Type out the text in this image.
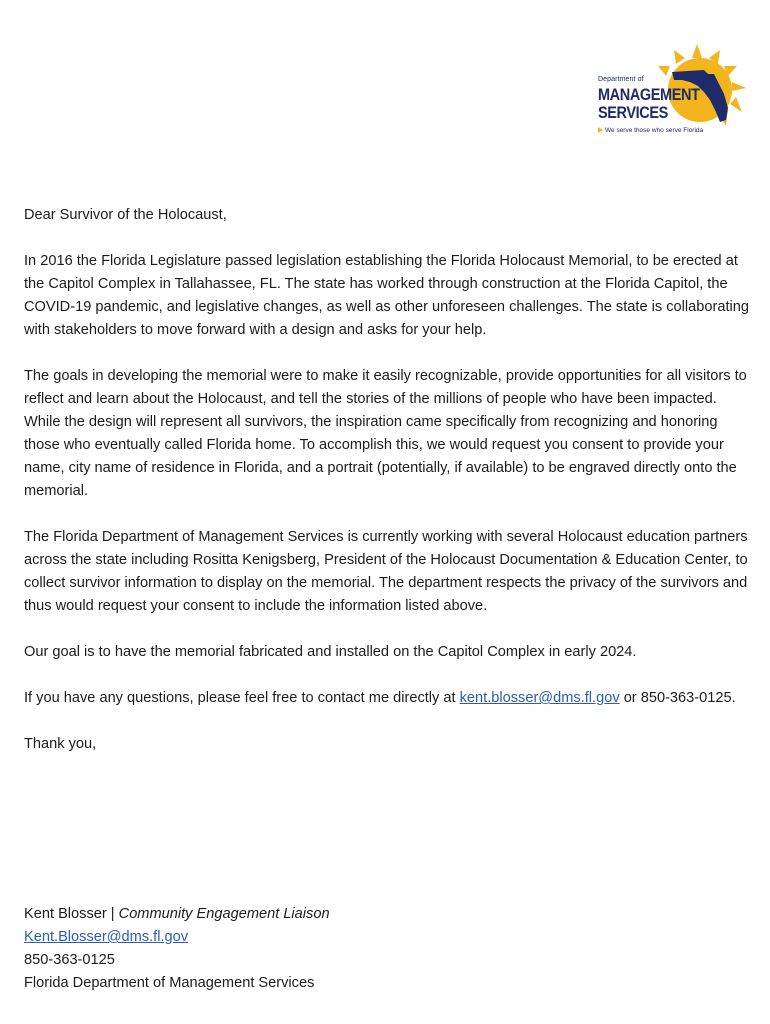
Department of
MANAGEMENT
SERVICES
We serve those who serve Florida

Dear Survivor of the Holocaust,

In 2016 the Florida Legislature passed legislation establishing the Florida Holocaust Memorial, to be erected at the Capitol Complex in Tallahassee, FL. The state has worked through construction at the Florida Capitol, the COVID-19 pandemic, and legislative changes, as well as other unforeseen challenges. The state is collaborating with stakeholders to move forward with a design and asks for your help.

The goals in developing the memorial were to make it easily recognizable, provide opportunities for all visitors to reflect and learn about the Holocaust, and tell the stories of the millions of people who have been impacted. While the design will represent all survivors, the inspiration came specifically from recognizing and honoring those who eventually called Florida home. To accomplish this, we would request you consent to provide your name, city name of residence in Florida, and a portrait (potentially, if available) to be engraved directly onto the memorial.

The Florida Department of Management Services is currently working with several Holocaust education partners across the state including Rositta Kenigsberg, President of the Holocaust Documentation & Education Center, to collect survivor information to display on the memorial. The department respects the privacy of the survivors and thus would request your consent to include the information listed above.

Our goal is to have the memorial fabricated and installed on the Capitol Complex in early 2024.

If you have any questions, please feel free to contact me directly at kent.blosser@dms.fl.gov or 850-363-0125.

Thank you,

Kent Blosser | Community Engagement Liaison
Kent.Blosser@dms.fl.gov
850-363-0125
Florida Department of Management Services
